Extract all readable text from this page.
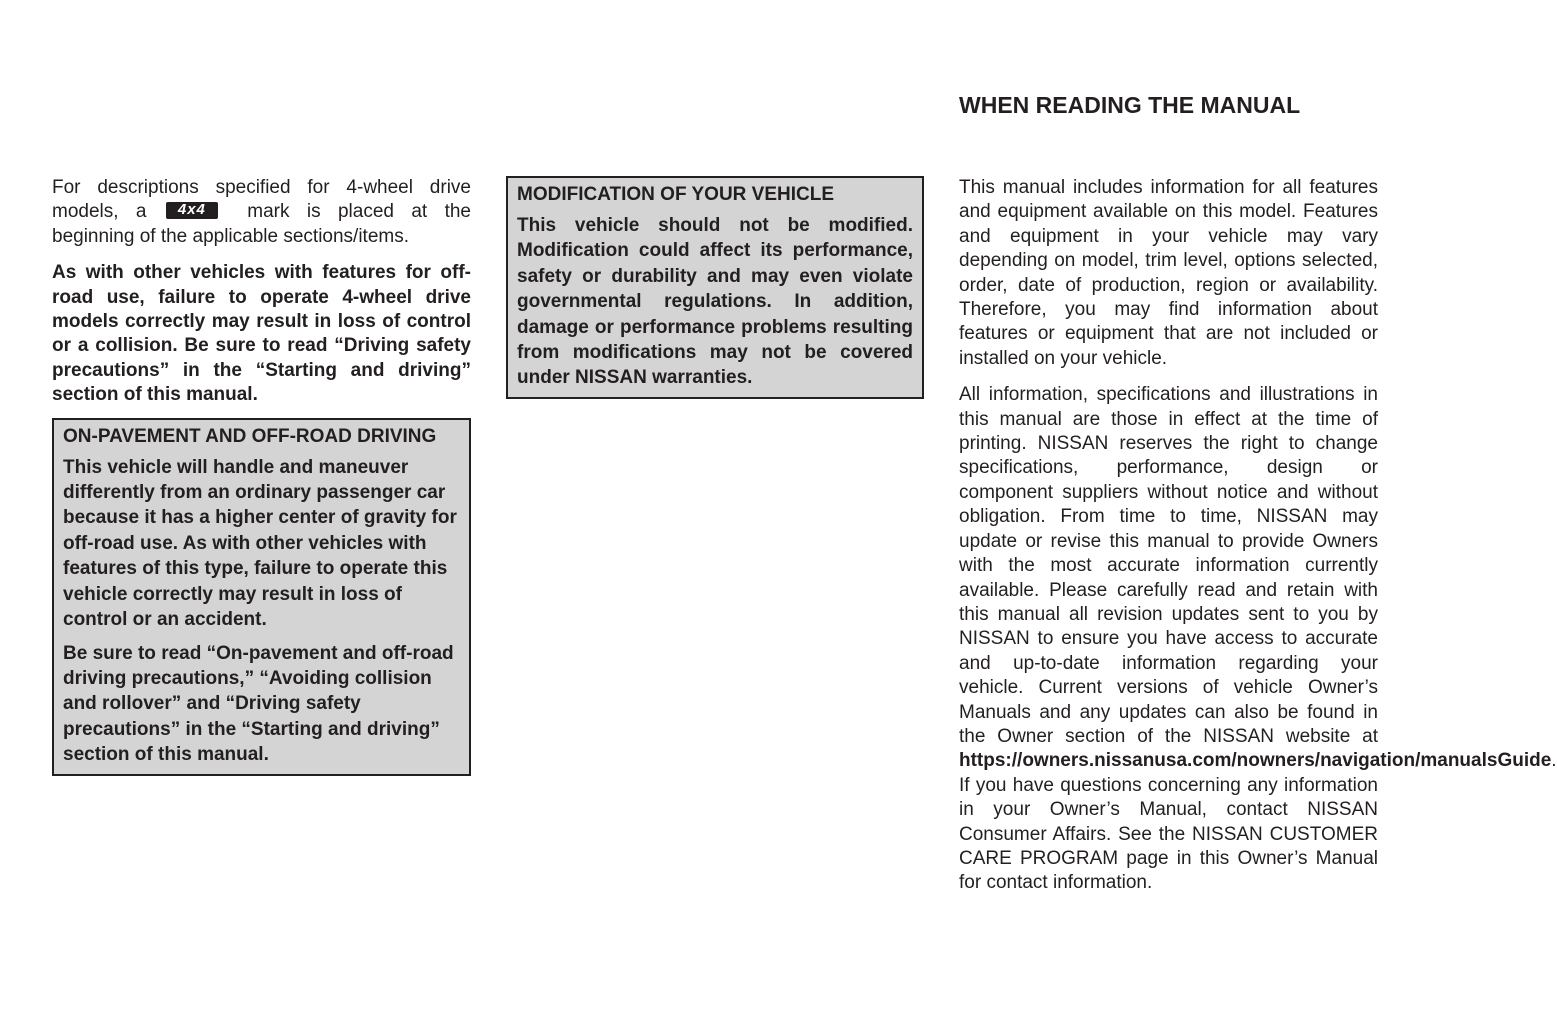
WHEN READING THE MANUAL

For descriptions specified for 4-wheel drive models, a	4x4	mark is placed at the beginning of the applicable sections/items.

As with other vehicles with features for off-road use, failure to operate 4-wheel drive models correctly may result in loss of control or a collision. Be sure to read “Driving safety precautions” in the “Starting and driving” section of this manual.

ON-PAVEMENT AND OFF-ROAD DRIVING

This vehicle will handle and maneuver differently from an ordinary passenger car because it has a higher center of gravity for off-road use. As with other vehicles with features of this type, failure to operate this vehicle correctly may result in loss of control or an accident.

Be sure to read “On-pavement and off-road driving precautions,” “Avoiding collision and rollover” and “Driving safety precautions” in the “Starting and driving” section of this manual.

MODIFICATION OF YOUR VEHICLE

This vehicle should not be modified. Modification could affect its performance, safety or durability and may even violate governmental regulations. In addition, damage or performance problems resulting from modifications may not be covered under NISSAN warranties.

This manual includes information for all features and equipment available on this model. Features and equipment in your vehicle may vary depending on model, trim level, options selected, order, date of production, region or availability. Therefore, you may find information about features or equipment that are not included or installed on your vehicle.

All information, specifications and illustrations in this manual are those in effect at the time of printing. NISSAN reserves the right to change specifications, performance, design or component suppliers without notice and without obligation. From time to time, NISSAN may update or revise this manual to provide Owners with the most accurate information currently available. Please carefully read and retain with this manual all revision updates sent to you by NISSAN to ensure you have access to accurate and up-to-date information regarding your vehicle. Current versions of vehicle Owner’s Manuals and any updates can also be found in the Owner section of the NISSAN website at https://owners.nissanusa.com/nowners/navigation/manualsGuide. If you have questions concerning any information in your Owner’s Manual, contact NISSAN Consumer Affairs. See the NISSAN CUSTOMER CARE PROGRAM page in this Owner’s Manual for contact information.
